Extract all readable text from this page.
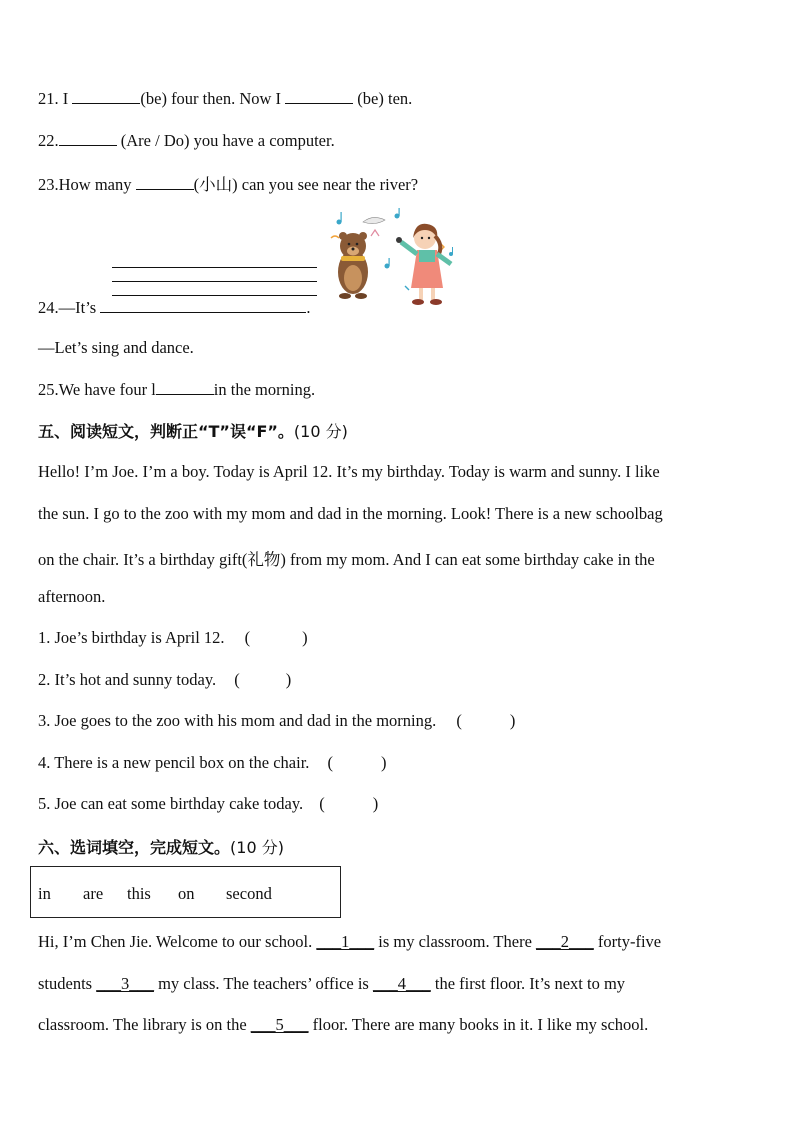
21. I	(be) four then. Now I	(be) ten.
22.	(Are / Do) you have a computer.
23.How many	(小山) can you see near the river?
24.—It’s	.
—Let’s sing and dance.
25.We have four l	in the morning.
五、阅读短文，判断正“T”误“F”。(10 分)
Hello! I’m Joe. I’m a boy. Today is April 12. It’s my birthday. Today is warm and sunny. I like
the sun. I go to the zoo with my mom and dad in the morning. Look! There is a new schoolbag
on the chair. It’s a birthday gift(礼物) from my mom. And I can eat some birthday cake in the
afternoon.
1. Joe’s birthday is April 12. (	)
2. It’s hot and sunny today. (	)
3. Joe goes to the zoo with his mom and dad in the morning. (	)
4. There is a new pencil box on the chair. (	)
5. Joe can eat some birthday cake today. (	)
六、选词填空，完成短文。(10 分)
in are this on second
Hi, I’m Chen Jie. Welcome to our school. ___1___ is my classroom. There ___2___ forty-five
students ___3___ my class. The teachers’ office is ___4___ the first floor. It’s next to my
classroom. The library is on the ___5___ floor. There are many books in it. I like my school.
